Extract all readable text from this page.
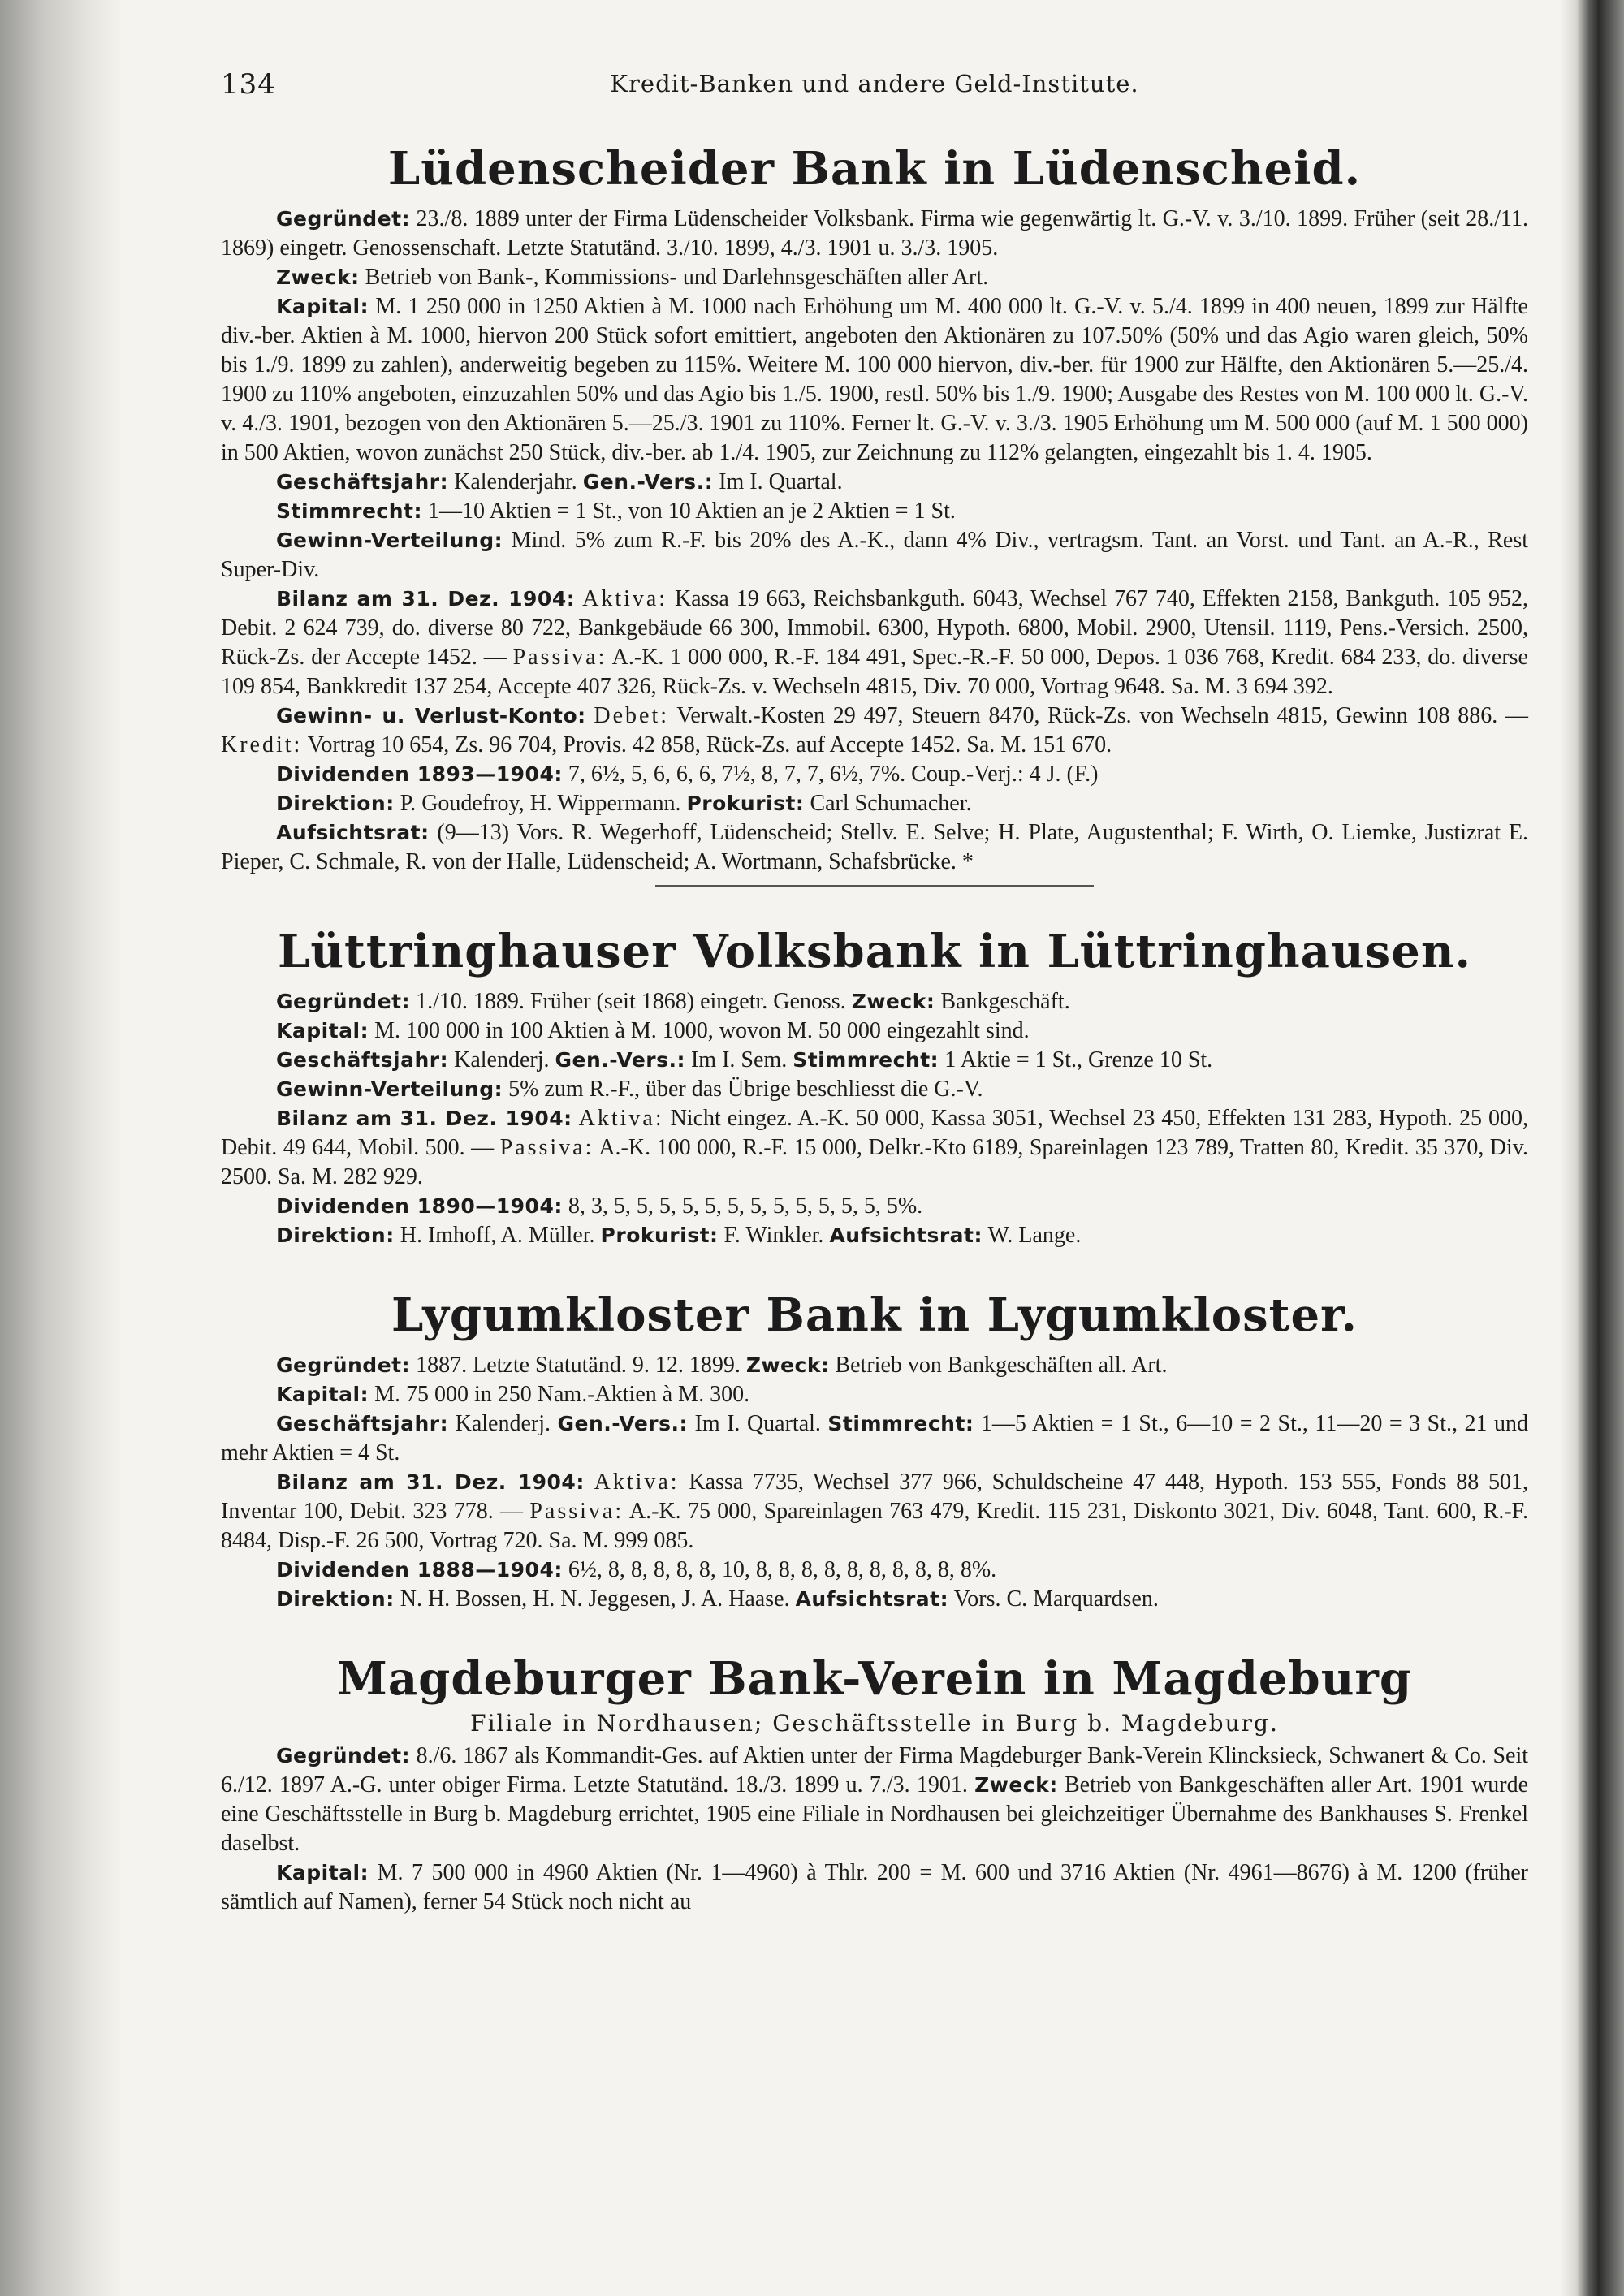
134	Kredit-Banken und andere Geld-Institute.
Lüdenscheider Bank in Lüdenscheid.

Gegründet: 23./8. 1889 unter der Firma Lüdenscheider Volksbank. Firma wie gegenwärtig lt. G.-V. v. 3./10. 1899. Früher (seit 28./11. 1869) eingetr. Genossenschaft. Letzte Statutänd. 3./10. 1899, 4./3. 1901 u. 3./3. 1905.

Zweck: Betrieb von Bank-, Kommissions- und Darlehnsgeschäften aller Art.

Kapital: M. 1 250 000 in 1250 Aktien à M. 1000 nach Erhöhung um M. 400 000 lt. G.-V. v. 5./4. 1899 in 400 neuen, 1899 zur Hälfte div.-ber. Aktien à M. 1000, hiervon 200 Stück sofort emittiert, angeboten den Aktionären zu 107.50% (50% und das Agio waren gleich, 50% bis 1./9. 1899 zu zahlen), anderweitig begeben zu 115%. Weitere M. 100 000 hiervon, div.-ber. für 1900 zur Hälfte, den Aktionären 5.—25./4. 1900 zu 110% angeboten, einzuzahlen 50% und das Agio bis 1./5. 1900, restl. 50% bis 1./9. 1900; Ausgabe des Restes von M. 100 000 lt. G.-V. v. 4./3. 1901, bezogen von den Aktionären 5.—25./3. 1901 zu 110%. Ferner lt. G.-V. v. 3./3. 1905 Erhöhung um M. 500 000 (auf M. 1 500 000) in 500 Aktien, wovon zunächst 250 Stück, div.-ber. ab 1./4. 1905, zur Zeichnung zu 112% gelangten, eingezahlt bis 1. 4. 1905.

Geschäftsjahr: Kalenderjahr. Gen.-Vers.: Im I. Quartal.

Stimmrecht: 1—10 Aktien = 1 St., von 10 Aktien an je 2 Aktien = 1 St.

Gewinn-Verteilung: Mind. 5% zum R.-F. bis 20% des A.-K., dann 4% Div., vertragsm. Tant. an Vorst. und Tant. an A.-R., Rest Super-Div.

Bilanz am 31. Dez. 1904: Aktiva: Kassa 19 663, Reichsbankguth. 6043, Wechsel 767 740, Effekten 2158, Bankguth. 105 952, Debit. 2 624 739, do. diverse 80 722, Bankgebäude 66 300, Immobil. 6300, Hypoth. 6800, Mobil. 2900, Utensil. 1119, Pens.-Versich. 2500, Rück-Zs. der Accepte 1452. — Passiva: A.-K. 1 000 000, R.-F. 184 491, Spec.-R.-F. 50 000, Depos. 1 036 768, Kredit. 684 233, do. diverse 109 854, Bankkredit 137 254, Accepte 407 326, Rück-Zs. v. Wechseln 4815, Div. 70 000, Vortrag 9648. Sa. M. 3 694 392.

Gewinn- u. Verlust-Konto: Debet: Verwalt.-Kosten 29 497, Steuern 8470, Rück-Zs. von Wechseln 4815, Gewinn 108 886. — Kredit: Vortrag 10 654, Zs. 96 704, Provis. 42 858, Rück-Zs. auf Accepte 1452. Sa. M. 151 670.

Dividenden 1893—1904: 7, 6½, 5, 6, 6, 6, 7½, 8, 7, 7, 6½, 7%. Coup.-Verj.: 4 J. (F.)

Direktion: P. Goudefroy, H. Wippermann. Prokurist: Carl Schumacher.

Aufsichtsrat: (9—13) Vors. R. Wegerhoff, Lüdenscheid; Stellv. E. Selve; H. Plate, Augustenthal; F. Wirth, O. Liemke, Justizrat E. Pieper, C. Schmale, R. von der Halle, Lüdenscheid; A. Wortmann, Schafsbrücke. *

Lüttringhauser Volksbank in Lüttringhausen.

Gegründet: 1./10. 1889. Früher (seit 1868) eingetr. Genoss. Zweck: Bankgeschäft.

Kapital: M. 100 000 in 100 Aktien à M. 1000, wovon M. 50 000 eingezahlt sind.

Geschäftsjahr: Kalenderj. Gen.-Vers.: Im I. Sem. Stimmrecht: 1 Aktie = 1 St., Grenze 10 St.

Gewinn-Verteilung: 5% zum R.-F., über das Übrige beschliesst die G.-V.

Bilanz am 31. Dez. 1904: Aktiva: Nicht eingez. A.-K. 50 000, Kassa 3051, Wechsel 23 450, Effekten 131 283, Hypoth. 25 000, Debit. 49 644, Mobil. 500. — Passiva: A.-K. 100 000, R.-F. 15 000, Delkr.-Kto 6189, Spareinlagen 123 789, Tratten 80, Kredit. 35 370, Div. 2500. Sa. M. 282 929.

Dividenden 1890—1904: 8, 3, 5, 5, 5, 5, 5, 5, 5, 5, 5, 5, 5, 5, 5%.

Direktion: H. Imhoff, A. Müller. Prokurist: F. Winkler. Aufsichtsrat: W. Lange.

Lygumkloster Bank in Lygumkloster.

Gegründet: 1887. Letzte Statutänd. 9. 12. 1899. Zweck: Betrieb von Bankgeschäften all. Art.

Kapital: M. 75 000 in 250 Nam.-Aktien à M. 300.

Geschäftsjahr: Kalenderj. Gen.-Vers.: Im I. Quartal. Stimmrecht: 1—5 Aktien = 1 St., 6—10 = 2 St., 11—20 = 3 St., 21 und mehr Aktien = 4 St.

Bilanz am 31. Dez. 1904: Aktiva: Kassa 7735, Wechsel 377 966, Schuldscheine 47 448, Hypoth. 153 555, Fonds 88 501, Inventar 100, Debit. 323 778. — Passiva: A.-K. 75 000, Spareinlagen 763 479, Kredit. 115 231, Diskonto 3021, Div. 6048, Tant. 600, R.-F. 8484, Disp.-F. 26 500, Vortrag 720. Sa. M. 999 085.

Dividenden 1888—1904: 6½, 8, 8, 8, 8, 8, 10, 8, 8, 8, 8, 8, 8, 8, 8, 8, 8%.

Direktion: N. H. Bossen, H. N. Jeggesen, J. A. Haase. Aufsichtsrat: Vors. C. Marquardsen.

Magdeburger Bank-Verein in Magdeburg
Filiale in Nordhausen; Geschäftsstelle in Burg b. Magdeburg.

Gegründet: 8./6. 1867 als Kommandit-Ges. auf Aktien unter der Firma Magdeburger Bank-Verein Klincksieck, Schwanert & Co. Seit 6./12. 1897 A.-G. unter obiger Firma. Letzte Statutänd. 18./3. 1899 u. 7./3. 1901. Zweck: Betrieb von Bankgeschäften aller Art. 1901 wurde eine Geschäftsstelle in Burg b. Magdeburg errichtet, 1905 eine Filiale in Nordhausen bei gleichzeitiger Übernahme des Bankhauses S. Frenkel daselbst.

Kapital: M. 7 500 000 in 4960 Aktien (Nr. 1—4960) à Thlr. 200 = M. 600 und 3716 Aktien (Nr. 4961—8676) à M. 1200 (früher sämtlich auf Namen), ferner 54 Stück noch nicht au
